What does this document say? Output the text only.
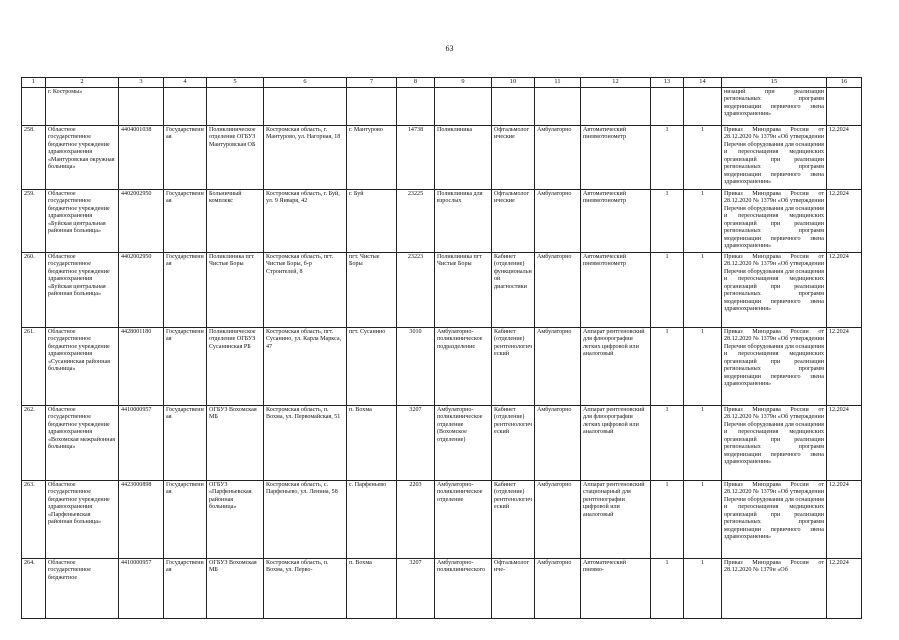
63
1	2	3	4	5	6	7	8	9	10	11	12	13	14	15	16
	г. Костромы»													низаций при реализации региональных программ модернизации первичного звена здравоохранения»	
258.	Областное государственное бюджетное учреждение здравоохранения «Мантуровская окружная больница»	4404001038	Государственная	Поликлиническое отделение ОГБУЗ Мантуровская ОБ	Костромская область, г. Мантурово, ул. Нагорная, 18	г. Мантурово	14738	Поликлиника	Офтальмологические	Амбулаторно	Автоматический пневмотонометр	1	1	Приказ Минздрава России от 28.12.2020 № 1379н «Об утверждении Перечня оборудования для оснащения и переоснащения медицинских организаций при реализации региональных программ модернизации первичного звена здравоохранения»	12.2024
259.	Областное государственное бюджетное учреждение здравоохранения «Буйская центральная районная больница»	4402002950	Государственная	Больничный комплекс	Костромская область, г. Буй, ул. 9 Января, 42	г. Буй	23225	Поликлиника для взрослых	Офтальмологические	Амбулаторно	Автоматический пневмотонометр	1	1	Приказ Минздрава России от 28.12.2020 № 1379н «Об утверждении Перечня оборудования для оснащения и переоснащения медицинских организаций при реализации региональных программ модернизации первичного звена здравоохранения»	12.2024
260.	Областное государственное бюджетное учреждение здравоохранения «Буйская центральная районная больница»	4402002950	Государственная	Поликлиника пгт Чистые Боры	Костромская область, пгт. Чистые Боры, б-р Строителей, 8	пгт. Чистые Боры	23223	Поликлиника пгт Чистые Боры	Кабинет (отделение) функциональной диагностики	Амбулаторно	Автоматический пневмотонометр	1	1	Приказ Минздрава России от 28.12.2020 № 1379н «Об утверждении Перечня оборудования для оснащения и переоснащения медицинских организаций при реализации региональных программ модернизации первичного звена здравоохранения»	12.2024
261.	Областное государственное бюджетное учреждение здравоохранения «Сусанинская районная больница»	4428001180	Государственная	Поликлиническое отделение ОГБУЗ Сусанинская РБ	Костромская область, пгт. Сусанино, ул. Карла Маркса, 47	пгт. Сусанино	3010	Амбулаторно-поликлиническое подразделение	Кабинет (отделение) рентгенологический	Амбулаторно	Аппарат рентгеновский для флюорографии легких цифровой или аналоговый	1	1	Приказ Минздрава России от 28.12.2020 № 1379н «Об утверждении Перечня оборудования для оснащения и переоснащения медицинских организаций при реализации региональных программ модернизации первичного звена здравоохранения»	12.2024
262.	Областное государственное бюджетное учреждение здравоохранения «Вохомская межрайонная больница»	4410000957	Государственная	ОГБУЗ Вохомская МБ	Костромская область, п. Вохма, ул. Первомайская, 51	п. Вохма	3207	Амбулаторно-поликлиническое отделение (Вохомское отделение)	Кабинет (отделение) рентгенологический	Амбулаторно	Аппарат рентгеновский для флюорографии легких цифровой или аналоговый	1	1	Приказ Минздрава России от 28.12.2020 № 1379н «Об утверждении Перечня оборудования для оснащения и переоснащения медицинских организаций при реализации региональных программ модернизации первичного звена здравоохранения»	12.2024
263.	Областное государственное бюджетное учреждение здравоохранения «Парфеньевская районная больница»	4423000898	Государственная	ОГБУЗ «Парфеньевская районная больница»	Костромская область, с. Парфеньево, ул. Ленина, 58	с. Парфеньево	2203	Амбулаторно-поликлиническое отделение	Кабинет (отделение) рентгенологический	Амбулаторно	Аппарат рентгеновский стационарный для рентгенографии цифровой или аналоговый	1	1	Приказ Минздрава России от 28.12.2020 № 1379н «Об утверждении Перечня оборудования для оснащения и переоснащения медицинских организаций при реализации региональных программ модернизации первичного звена здравоохранения»	12.2024
264.	Областное государственное бюджетное	4410000957	Государственная	ОГБУЗ Вохомская МБ	Костромская область, п. Вохма, ул. Перво-	п. Вохма	3207	Амбулаторно-поликлинического	Офтальмологиче-	Амбулаторно	Автоматический пневмо-	1	1	Приказ Минздрава России от 28.12.2020 № 1379н «Об	12.2024
